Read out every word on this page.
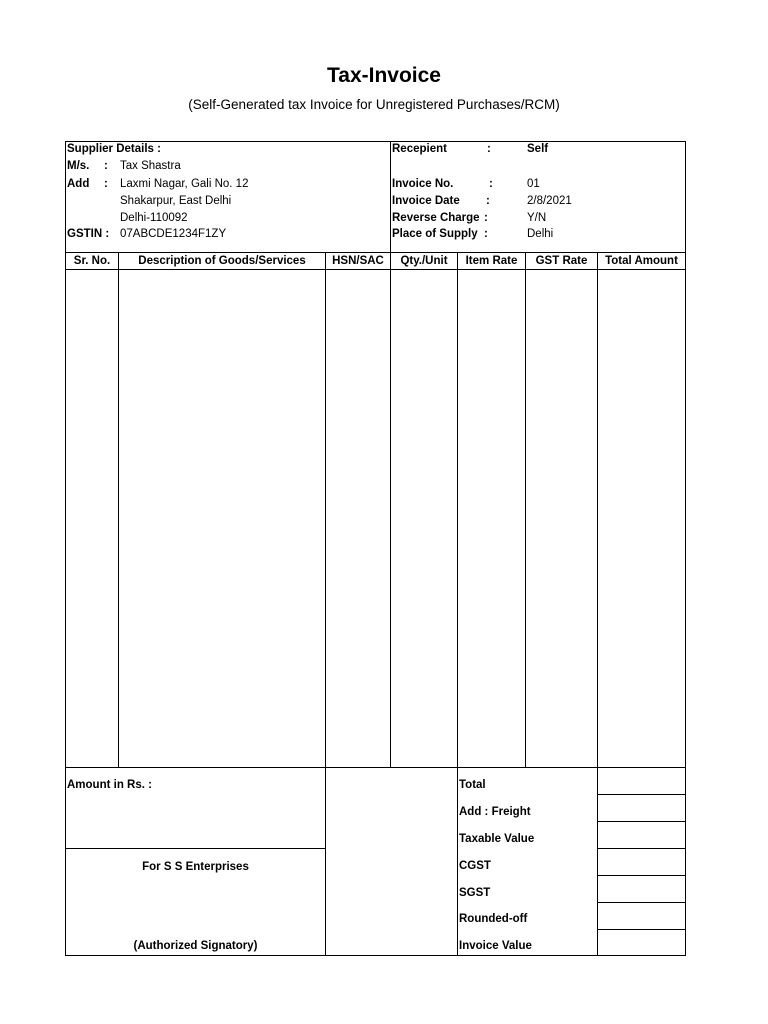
Tax-Invoice
(Self-Generated tax Invoice for Unregistered Purchases/RCM)
Supplier Details :
M/s. : Tax Shastra
Add : Laxmi Nagar, Gali No. 12
Shakarpur, East Delhi
Delhi-110092
GSTIN : 07ABCDE1234F1ZY
Recepient	:	Self
Invoice No.	:	01
Invoice Date :	2/8/2021
Reverse Charge :	Y/N
Place of Supply :	Delhi
Sr. No.	Description of Goods/Services	HSN/SAC	Qty./Unit	Item Rate	GST Rate	Total Amount
Amount in Rs. :
For S S Enterprises
(Authorized Signatory)
Total
Add : Freight
Taxable Value
CGST
SGST
Rounded-off
Invoice Value
